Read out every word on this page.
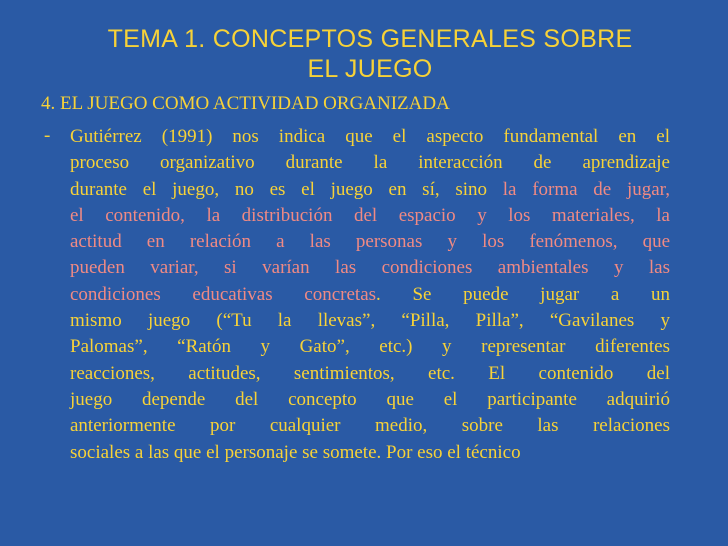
TEMA 1. CONCEPTOS GENERALES SOBRE
EL JUEGO
4. EL JUEGO COMO ACTIVIDAD ORGANIZADA
- Gutiérrez (1991) nos indica que el aspecto fundamental en el
proceso organizativo durante la interacción de aprendizaje
durante el juego, no es el juego en sí, sino la forma de jugar,
el contenido, la distribución del espacio y los materiales, la
actitud en relación a las personas y los fenómenos, que
pueden variar, si varían las condiciones ambientales y las
condiciones educativas concretas. Se puede jugar a un
mismo juego (“Tu la llevas”, “Pilla, Pilla”, “Gavilanes y
Palomas”, “Ratón y Gato”, etc.) y representar diferentes
reacciones, actitudes, sentimientos, etc. El contenido del
juego depende del concepto que el participante adquirió
anteriormente por cualquier medio, sobre las relaciones
sociales a las que el personaje se somete. Por eso el técnico
